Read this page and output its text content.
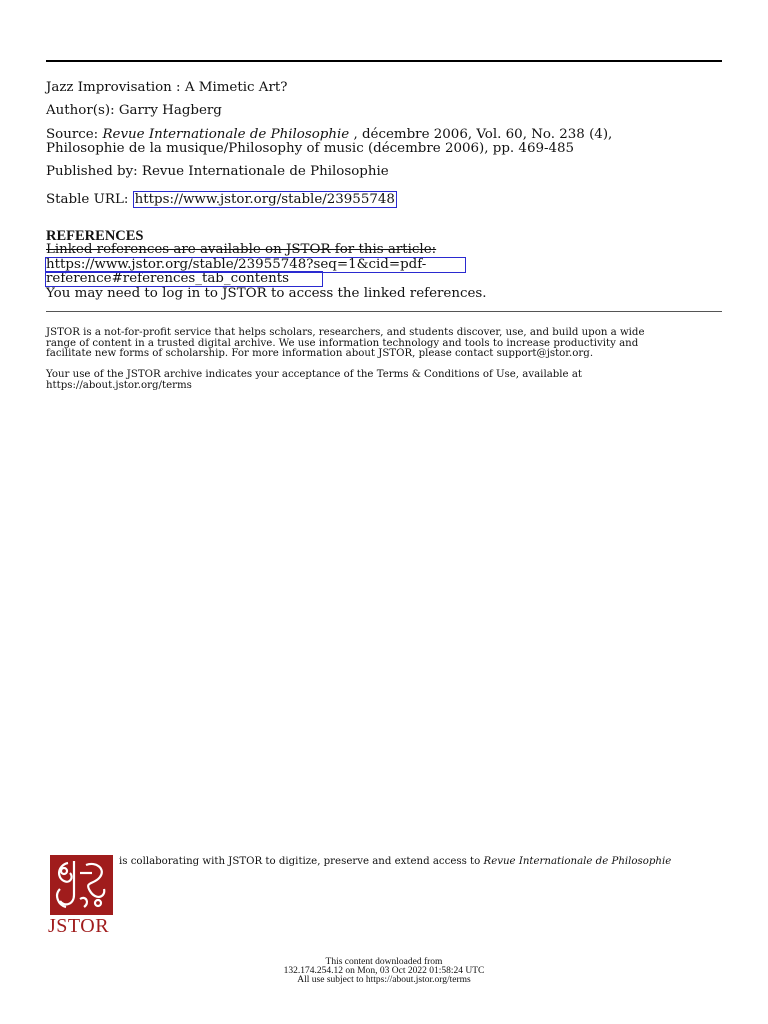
Jazz Improvisation : A Mimetic Art?
Author(s): Garry Hagberg
Source: Revue Internationale de Philosophie , décembre 2006, Vol. 60, No. 238 (4),
Philosophie de la musique/Philosophy of music (décembre 2006), pp. 469-485
Published by: Revue Internationale de Philosophie
Stable URL: https://www.jstor.org/stable/23955748
REFERENCES
Linked references are available on JSTOR for this article:
https://www.jstor.org/stable/23955748?seq=1&cid=pdf-
reference#references_tab_contents
You may need to log in to JSTOR to access the linked references.
JSTOR is a not-for-profit service that helps scholars, researchers, and students discover, use, and build upon a wide
range of content in a trusted digital archive. We use information technology and tools to increase productivity and
facilitate new forms of scholarship. For more information about JSTOR, please contact support@jstor.org.
Your use of the JSTOR archive indicates your acceptance of the Terms & Conditions of Use, available at
https://about.jstor.org/terms
JSTOR
is collaborating with JSTOR to digitize, preserve and extend access to Revue Internationale de Philosophie
This content downloaded from
132.174.254.12 on Mon, 03 Oct 2022 01:58:24 UTC
All use subject to https://about.jstor.org/terms
